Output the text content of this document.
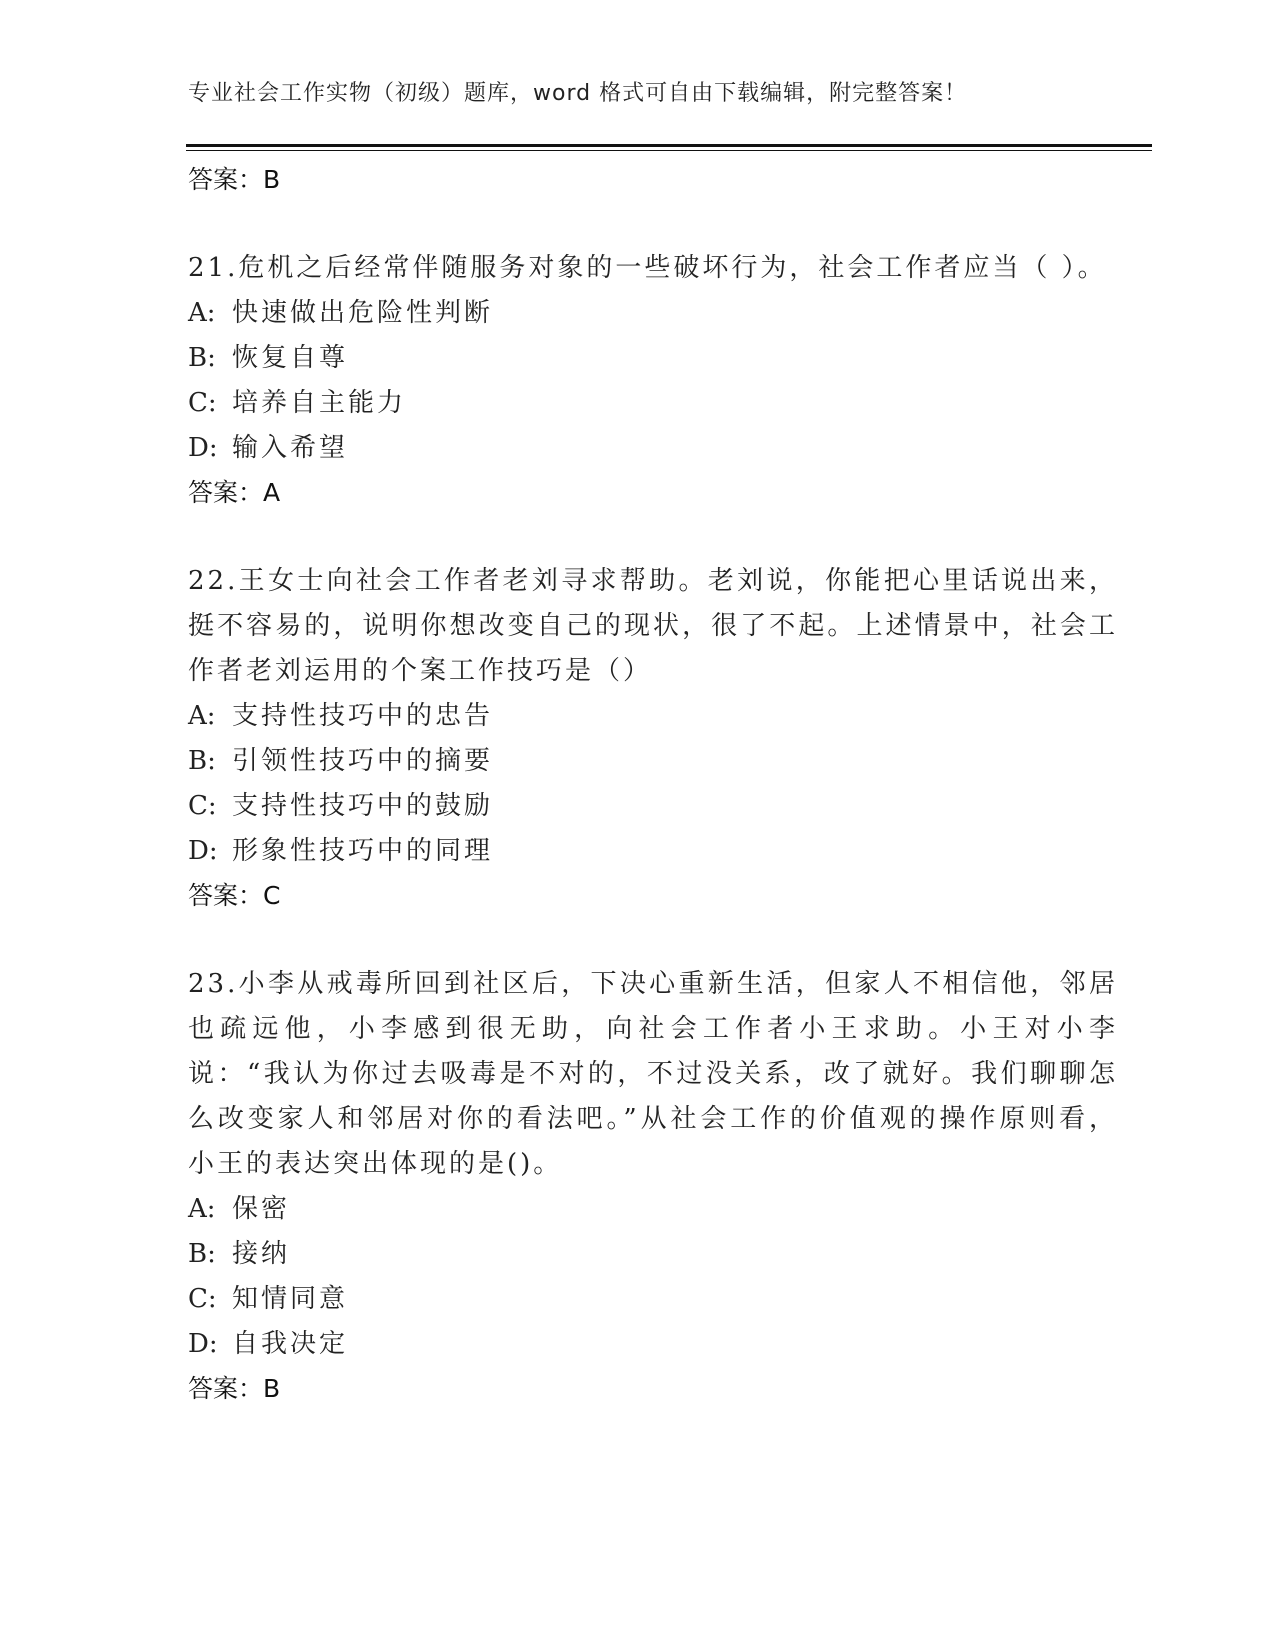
专业社会工作实物（初级）题库，word 格式可自由下载编辑，附完整答案！
答案：B
21.危机之后经常伴随服务对象的一些破坏行为，社会工作者应当（ ）。
A: 快速做出危险性判断
B: 恢复自尊
C: 培养自主能力
D: 输入希望
答案：A
22.王女士向社会工作者老刘寻求帮助。老刘说，你能把心里话说出来，挺不容易的，说明你想改变自己的现状，很了不起。上述情景中，社会工作者老刘运用的个案工作技巧是（）
A: 支持性技巧中的忠告
B: 引领性技巧中的摘要
C: 支持性技巧中的鼓励
D: 形象性技巧中的同理
答案：C
23.小李从戒毒所回到社区后，下决心重新生活，但家人不相信他，邻居也疏远他，小李感到很无助，向社会工作者小王求助。小王对小李说：“我认为你过去吸毒是不对的，不过没关系，改了就好。我们聊聊怎么改变家人和邻居对你的看法吧。”从社会工作的价值观的操作原则看，小王的表达突出体现的是()。
A: 保密
B: 接纳
C: 知情同意
D: 自我决定
答案：B
